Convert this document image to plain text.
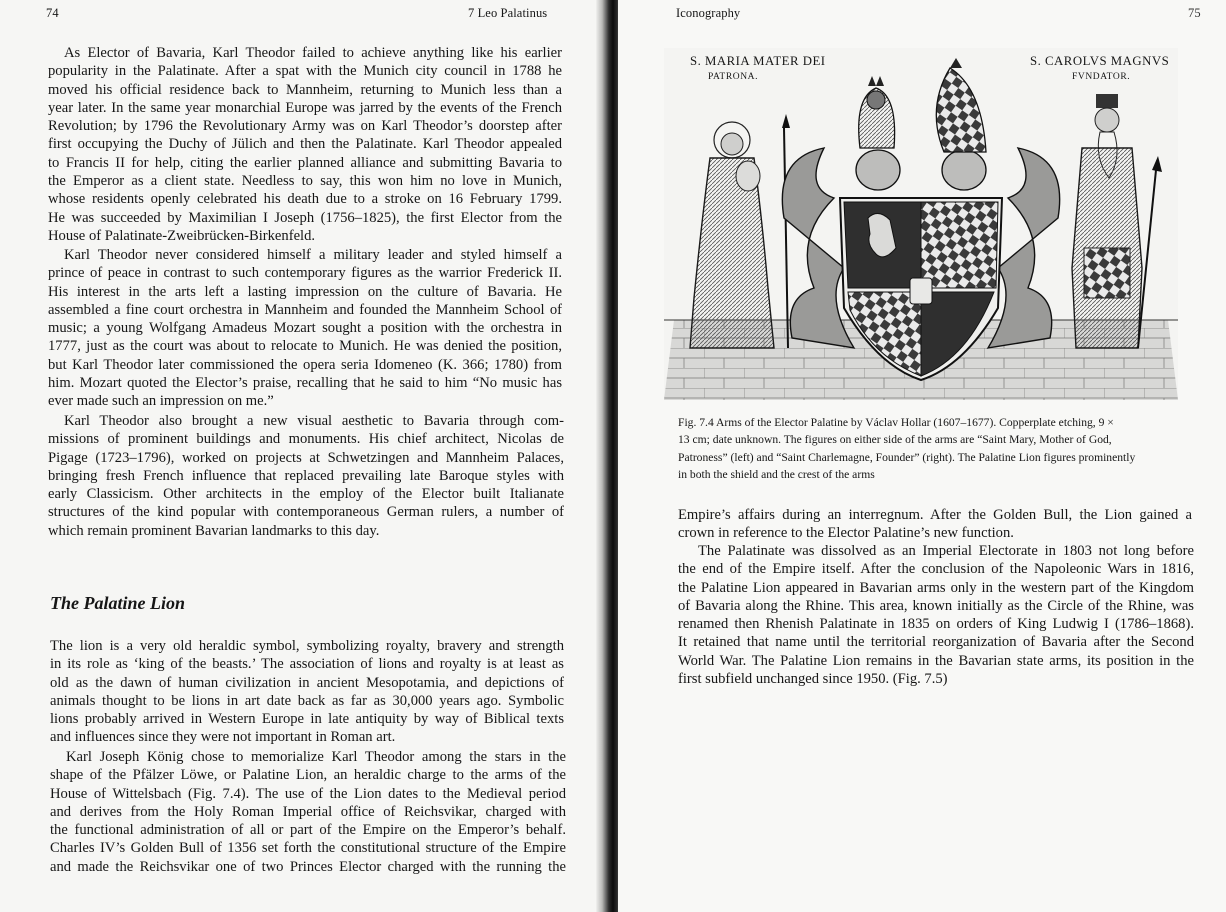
74	7 Leo Palatinus

As Elector of Bavaria, Karl Theodor failed to achieve anything like his earlier
popularity in the Palatinate. After a spat with the Munich city council in 1788 he
moved his official residence back to Mannheim, returning to Munich less than a
year later. In the same year monarchial Europe was jarred by the events of the French
Revolution; by 1796 the Revolutionary Army was on Karl Theodor’s doorstep after
first occupying the Duchy of Jülich and then the Palatinate. Karl Theodor appealed
to Francis II for help, citing the earlier planned alliance and submitting Bavaria to
the Emperor as a client state. Needless to say, this won him no love in Munich,
whose residents openly celebrated his death due to a stroke on 16 February 1799.
He was succeeded by Maximilian I Joseph (1756–1825), the first Elector from the
House of Palatinate-Zweibrücken-Birkenfeld.

Karl Theodor never considered himself a military leader and styled himself a
prince of peace in contrast to such contemporary figures as the warrior Frederick II.
His interest in the arts left a lasting impression on the culture of Bavaria. He
assembled a fine court orchestra in Mannheim and founded the Mannheim School of
music; a young Wolfgang Amadeus Mozart sought a position with the orchestra in
1777, just as the court was about to relocate to Munich. He was denied the position,
but Karl Theodor later commissioned the opera seria Idomeneo (K. 366; 1780) from
him. Mozart quoted the Elector’s praise, recalling that he said to him “No music has
ever made such an impression on me.”

Karl Theodor also brought a new visual aesthetic to Bavaria through com-
missions of prominent buildings and monuments. His chief architect, Nicolas de
Pigage (1723–1796), worked on projects at Schwetzingen and Mannheim Palaces,
bringing fresh French influence that replaced prevailing late Baroque styles with
early Classicism. Other architects in the employ of the Elector built Italianate
structures of the kind popular with contemporaneous German rulers, a number of
which remain prominent Bavarian landmarks to this day.

The Palatine Lion

The lion is a very old heraldic symbol, symbolizing royalty, bravery and strength
in its role as ‘king of the beasts.’ The association of lions and royalty is at least as
old as the dawn of human civilization in ancient Mesopotamia, and depictions of
animals thought to be lions in art date back as far as 30,000 years ago. Symbolic
lions probably arrived in Western Europe in late antiquity by way of Biblical texts
and influences since they were not important in Roman art.

Karl Joseph König chose to memorialize Karl Theodor among the stars in the
shape of the Pfälzer Löwe, or Palatine Lion, an heraldic charge to the arms of the
House of Wittelsbach (Fig. 7.4). The use of the Lion dates to the Medieval period
and derives from the Holy Roman Imperial office of Reichsvikar, charged with
the functional administration of all or part of the Empire on the Emperor’s behalf.
Charles IV’s Golden Bull of 1356 set forth the constitutional structure of the Empire
and made the Reichsvikar one of two Princes Elector charged with the running the

Iconography	75
S. MARIA MATER DEI
PATRONA.
S. CAROLVS MAGNVS
FVNDATOR.

Fig. 7.4 Arms of the Elector Palatine by Václav Hollar (1607–1677). Copperplate etching, 9 ×
13 cm; date unknown. The figures on either side of the arms are “Saint Mary, Mother of God,
Patroness” (left) and “Saint Charlemagne, Founder” (right). The Palatine Lion figures prominently
in both the shield and the crest of the arms

Empire’s affairs during an interregnum. After the Golden Bull, the Lion gained a
crown in reference to the Elector Palatine’s new function.

The Palatinate was dissolved as an Imperial Electorate in 1803 not long before
the end of the Empire itself. After the conclusion of the Napoleonic Wars in 1816,
the Palatine Lion appeared in Bavarian arms only in the western part of the Kingdom
of Bavaria along the Rhine. This area, known initially as the Circle of the Rhine, was
renamed then Rhenish Palatinate in 1835 on orders of King Ludwig I (1786–1868).
It retained that name until the territorial reorganization of Bavaria after the Second
World War. The Palatine Lion remains in the Bavarian state arms, its position in the
first subfield unchanged since 1950. (Fig. 7.5)
